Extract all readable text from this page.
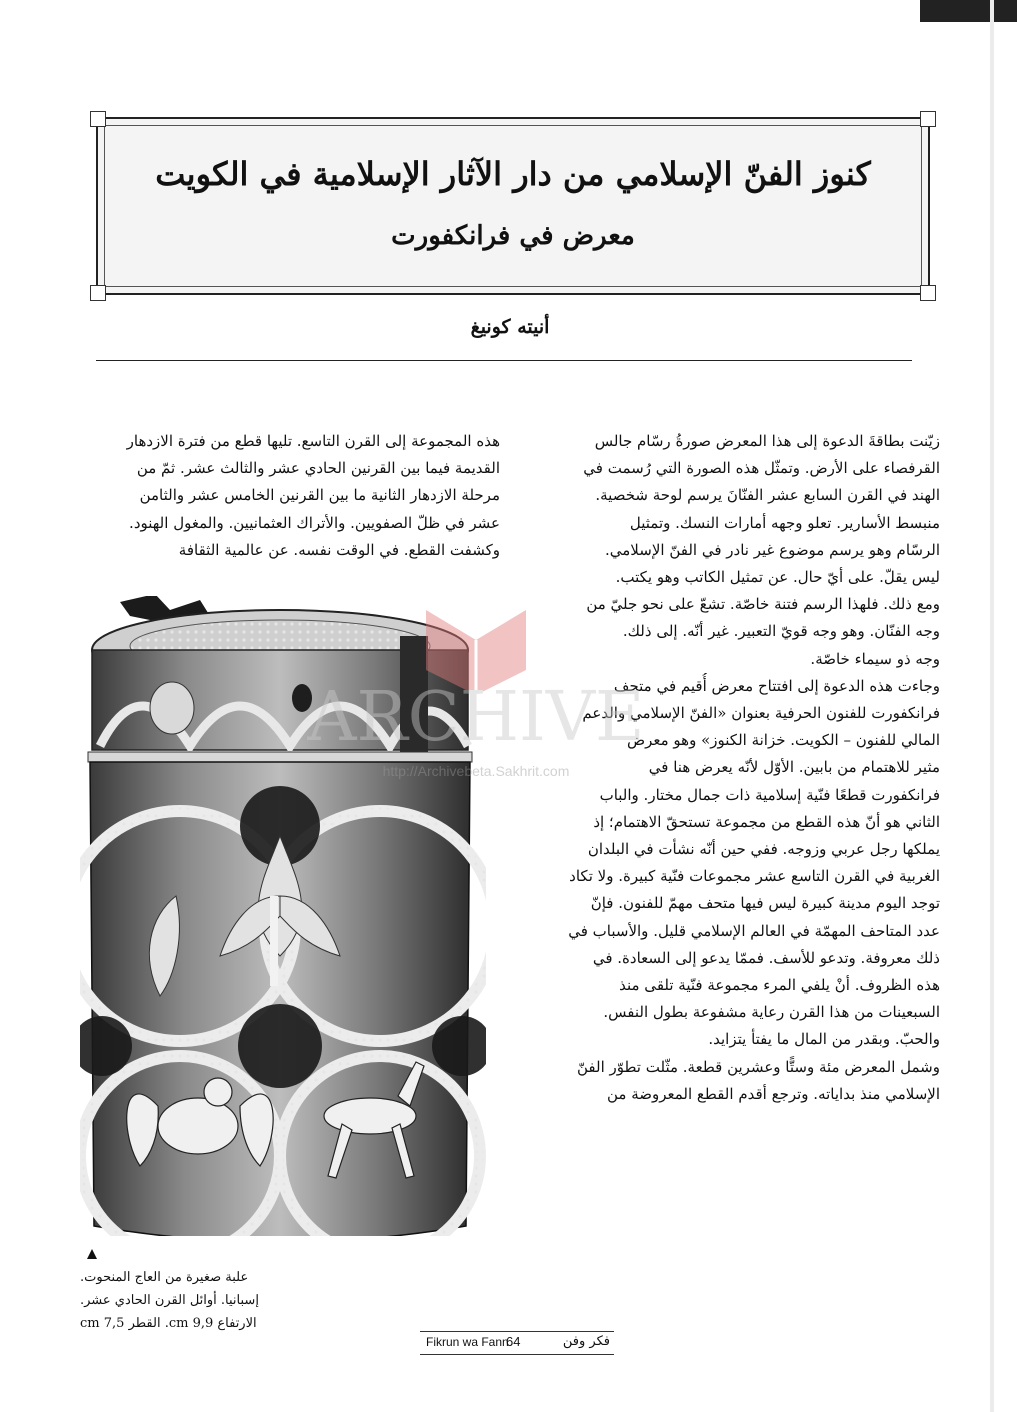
كنوز الفنّ الإسلامي من دار الآثار الإسلامية في الكويت
معرض في فرانكفورت
أنيته كونيغ
زيّنت بطاقةَ الدعوة إلى هذا المعرض صورةُ رسّام جالس
القرفصاء على الأرض. وتمثّل هذه الصورة التي رُسمت في
الهند في القرن السابع عشر الفنّانَ يرسم لوحة شخصية.
منبسط الأسارير. تعلو وجهه أمارات النسك. وتمثيل
الرسّام وهو يرسم موضوع غير نادر في الفنّ الإسلامي.
ليس يقلّ. على أيّ حال. عن تمثيل الكاتب وهو يكتب.
ومع ذلك. فلهذا الرسم فتنة خاصّة. تشعّ على نحو جليّ من
وجه الفنّان. وهو وجه قويّ التعبير. غير أنّه. إلى ذلك.
وجه ذو سيماء خاصّة.
وجاءت هذه الدعوة إلى افتتاح معرض أُقيم في متحف
فرانكفورت للفنون الحرفية بعنوان «الفنّ الإسلامي والدعم
المالي للفنون – الكويت. خزانة الكنوز» وهو معرض
مثير للاهتمام من بابين. الأوّل لأنّه يعرض هنا في
فرانكفورت قطعًا فنّية إسلامية ذات جمال مختار. والباب
الثاني هو أنّ هذه القطع من مجموعة تستحقّ الاهتمام؛ إذ
يملكها رجل عربي وزوجه. ففي حين أنّه نشأت في البلدان
الغربية في القرن التاسع عشر مجموعات فنّية كبيرة. ولا تكاد
توجد اليوم مدينة كبيرة ليس فيها متحف مهمّ للفنون. فإنّ
عدد المتاحف المهمّة في العالم الإسلامي قليل. والأسباب في
ذلك معروفة. وتدعو للأسف. فممّا يدعو إلى السعادة. في
هذه الظروف. أنْ يلفي المرء مجموعة فنّية تلقى منذ
السبعينات من هذا القرن رعاية مشفوعة بطول النفس.
والحبّ. وبقدر من المال ما يفتأ يتزايد.
وشمل المعرض مئة وستًّا وعشرين قطعة. مثّلت تطوّر الفنّ
الإسلامي منذ بداياته. وترجع أقدم القطع المعروضة من
هذه المجموعة إلى القرن التاسع. تليها قطع من فترة الازدهار
القديمة فيما بين القرنين الحادي عشر والثالث عشر. ثمّ من
مرحلة الازدهار الثانية ما بين القرنين الخامس عشر والثامن
عشر في ظلّ الصفويين. والأتراك العثمانيين. والمغول الهنود.
وكشفت القطع. في الوقت نفسه. عن عالمية الثقافة
ARCHIVE
http://Archivebeta.Sakhrit.com
علبة صغيرة من العاج المنحوت.
إسبانيا. أوائل القرن الحادي عشر.
الارتفاع 9,9 cm. القطر 7,5 cm
Fikrun wa Fann
64	فكر وفن
